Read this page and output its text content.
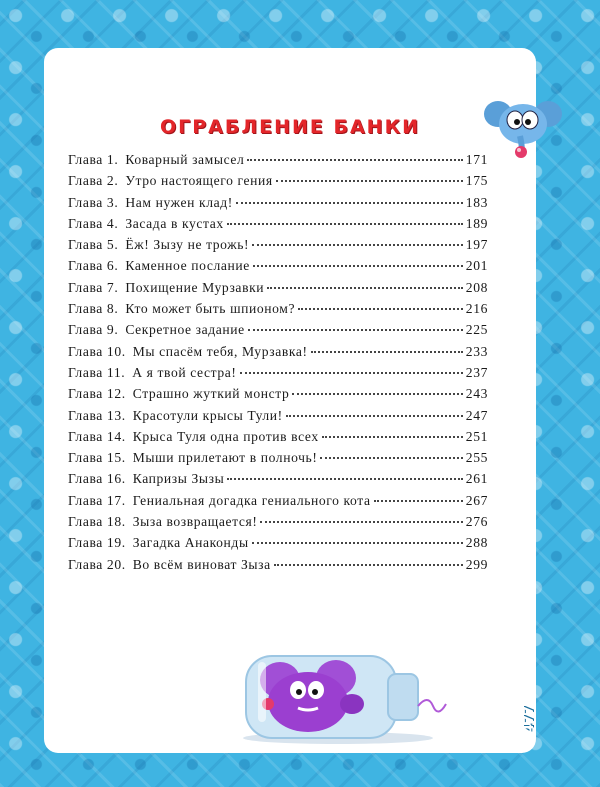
ОГРАБЛЕНИЕ БАНКИ
Глава 1. Коварный замысел	171
Глава 2. Утро настоящего гения	175
Глава 3. Нам нужен клад!	183
Глава 4. Засада в кустах	189
Глава 5. Ёж! Зызу не трожь!	197
Глава 6. Каменное послание	201
Глава 7. Похищение Мурзавки	208
Глава 8. Кто может быть шпионом?	216
Глава 9. Секретное задание	225
Глава 10. Мы спасём тебя, Мурзавка!	233
Глава 11. А я твой сестра!	237
Глава 12. Страшно жуткий монстр	243
Глава 13. Красотули крысы Тули!	247
Глава 14. Крыса Туля одна против всех	251
Глава 15. Мыши прилетают в полночь!	255
Глава 16. Капризы Зызы	261
Глава 17. Гениальная догадка гениального кота	267
Глава 18. Зыза возвращается!	276
Глава 19. Загадка Анаконды	288
Глава 20. Во всём виноват Зыза	299
477
